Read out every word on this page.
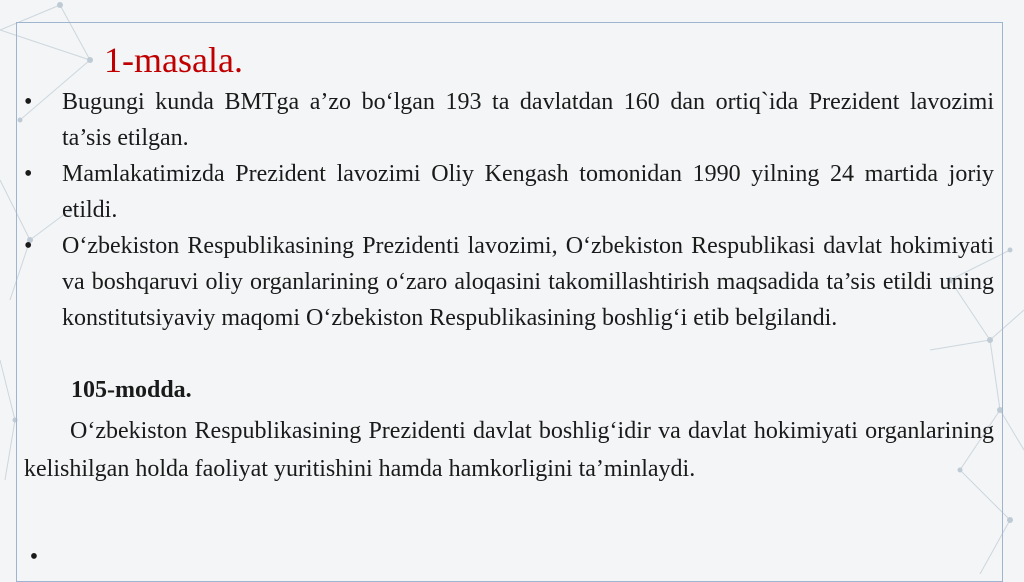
1-masala.
•	Bugungi kunda BMTga a’zo bo‘lgan 193 ta davlatdan 160 dan ortiq`ida Prezident lavozimi ta’sis etilgan.
•	Mamlakatimizda Prezident lavozimi Oliy Kengash tomonidan 1990 yilning 24 martida joriy etildi.
•	O‘zbekiston Respublikasining Prezidenti lavozimi, O‘zbekiston Respublikasi davlat hokimiyati va boshqaruvi oliy organlarining o‘zaro aloqasini takomillashtirish maqsadida ta’sis etildi uning konstitutsiyaviy maqomi O‘zbekiston Respublikasining boshlig‘i etib belgilandi.
105-modda.

O‘zbekiston Respublikasining Prezidenti davlat boshlig‘idir va davlat hokimiyati organlarining kelishilgan holda faoliyat yuritishini hamda hamkorligini ta’minlaydi.

•
